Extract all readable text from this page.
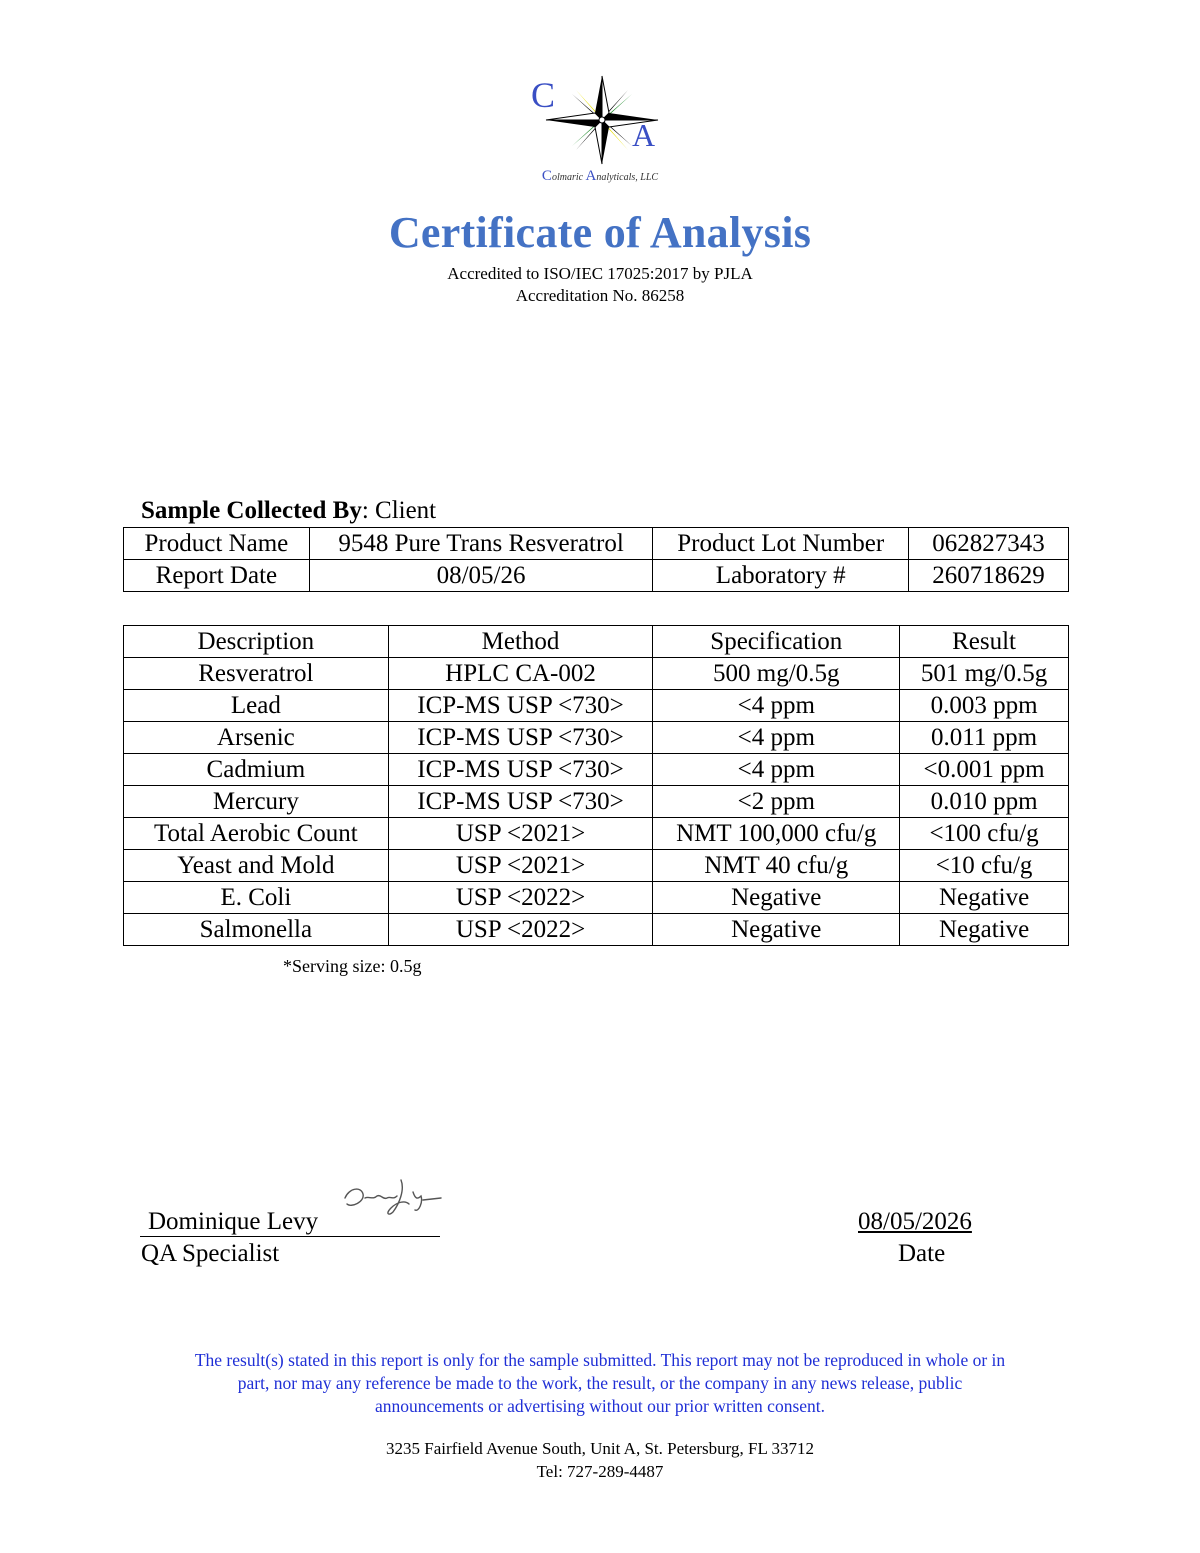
C
A
Colmaric Analyticals, LLC
Certificate of Analysis
Accredited to ISO/IEC 17025:2017 by PJLA
Accreditation No. 86258
Sample Collected By: Client
Product Name	9548 Pure Trans Resveratrol	Product Lot Number	062827343
Report Date	08/05/26	Laboratory #	260718629
Description	Method	Specification	Result
Resveratrol	HPLC CA-002	500 mg/0.5g	501 mg/0.5g
Lead	ICP-MS USP <730>	<4 ppm	0.003 ppm
Arsenic	ICP-MS USP <730>	<4 ppm	0.011 ppm
Cadmium	ICP-MS USP <730>	<4 ppm	<0.001 ppm
Mercury	ICP-MS USP <730>	<2 ppm	0.010 ppm
Total Aerobic Count	USP <2021>	NMT 100,000 cfu/g	<100 cfu/g
Yeast and Mold	USP <2021>	NMT 40 cfu/g	<10 cfu/g
E. Coli	USP <2022>	Negative	Negative
Salmonella	USP <2022>	Negative	Negative
*Serving size: 0.5g
Dominique Levy
QA Specialist
08/05/2026
Date
The result(s) stated in this report is only for the sample submitted. This report may not be reproduced in whole or in
part, nor may any reference be made to the work, the result, or the company in any news release, public
announcements or advertising without our prior written consent.
3235 Fairfield Avenue South, Unit A, St. Petersburg, FL 33712
Tel: 727-289-4487
